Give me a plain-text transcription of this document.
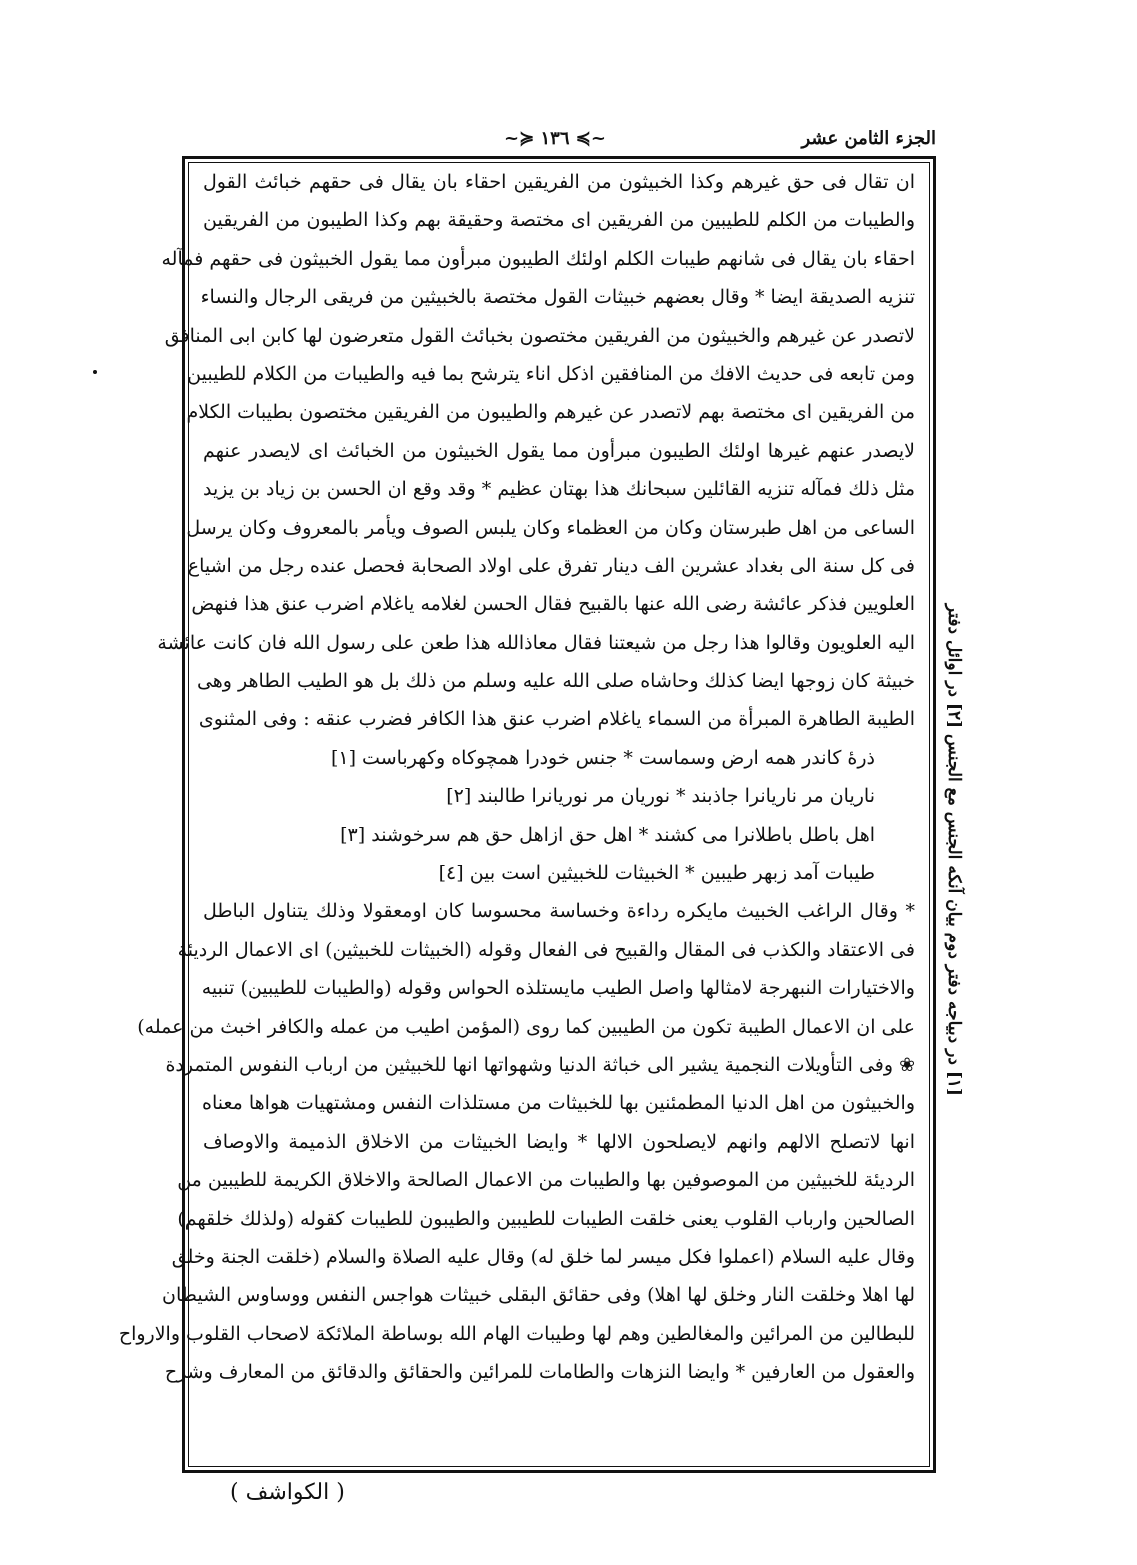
الجزء الثامن عشر
~≽ ١٣٦ ≼~
ان تقال فى حق غيرهم وكذا الخبيثون من الفريقين احقاء بان يقال فى حقهم خبائث القول
والطيبات من الكلم للطيبين من الفريقين اى مختصة وحقيقة بهم وكذا الطيبون من الفريقين
احقاء بان يقال فى شانهم طيبات الكلم اولئك الطيبون مبرأون مما يقول الخبيثون فى حقهم فمآله
تنزيه الصديقة ايضا * وقال بعضهم خبيثات القول مختصة بالخبيثين من فريقى الرجال والنساء
لاتصدر عن غيرهم والخبيثون من الفريقين مختصون بخبائث القول متعرضون لها كابن ابى المنافق
ومن تابعه فى حديث الافك من المنافقين اذكل اناء يترشح بما فيه والطيبات من الكلام للطيبين
من الفريقين اى مختصة بهم لاتصدر عن غيرهم والطيبون من الفريقين مختصون بطيبات الكلام
لايصدر عنهم غيرها اولئك الطيبون مبرأون مما يقول الخبيثون من الخبائث اى لايصدر عنهم
مثل ذلك فمآله تنزيه القائلين سبحانك هذا بهتان عظيم * وقد وقع ان الحسن بن زياد بن يزيد
الساعى من اهل طبرستان وكان من العظماء وكان يلبس الصوف ويأمر بالمعروف وكان يرسل
فى كل سنة الى بغداد عشرين الف دينار تفرق على اولاد الصحابة فحصل عنده رجل من اشياع
العلويين فذكر عائشة رضى الله عنها بالقبيح فقال الحسن لغلامه ياغلام اضرب عنق هذا فنهض
اليه العلويون وقالوا هذا رجل من شيعتنا فقال معاذالله هذا طعن على رسول الله فان كانت عائشة
خبيثة كان زوجها ايضا كذلك وحاشاه صلى الله عليه وسلم من ذلك بل هو الطيب الطاهر وهى
الطيبة الطاهرة المبرأة من السماء ياغلام اضرب عنق هذا الكافر فضرب عنقه : وفى المثنوى
ذرهٔ كاندر همه ارض وسماست * جنس خودرا همچوكاه وكهرباست [١]
ناريان مر ناريانرا جاذبند * نوريان مر نوريانرا طالبند [٢]
اهل باطل باطلانرا مى كشند * اهل حق ازاهل حق هم سرخوشند [٣]
طيبات آمد زبهر طيبين * الخبيثات للخبيثين است بين [٤]
* وقال الراغب الخبيث مايكره رداءة وخساسة محسوسا كان اومعقولا وذلك يتناول الباطل
فى الاعتقاد والكذب فى المقال والقبيح فى الفعال وقوله (الخبيثات للخبيثين) اى الاعمال الرديئة
والاختيارات النبهرجة لامثالها واصل الطيب مايستلذه الحواس وقوله (والطيبات للطيبين) تنبيه
على ان الاعمال الطيبة تكون من الطيبين كما روى (المؤمن اطيب من عمله والكافر اخبث من عمله)
❀ وفى التأويلات النجمية يشير الى خباثة الدنيا وشهواتها انها للخبيثين من ارباب النفوس المتمردة
والخبيثون من اهل الدنيا المطمئنين بها للخبيثات من مستلذات النفس ومشتهيات هواها معناه
انها لاتصلح الالهم وانهم لايصلحون الالها * وايضا الخبيثات من الاخلاق الذميمة والاوصاف
الرديئة للخبيثين من الموصوفين بها والطيبات من الاعمال الصالحة والاخلاق الكريمة للطيبين من
الصالحين وارباب القلوب يعنى خلقت الطيبات للطيبين والطيبون للطيبات كقوله (ولذلك خلقهم)
وقال عليه السلام (اعملوا فكل ميسر لما خلق له) وقال عليه الصلاة والسلام (خلقت الجنة وخلق
لها اهلا وخلقت النار وخلق لها اهلا) وفى حقائق البقلى خبيثات هواجس النفس ووساوس الشيطان
للبطالين من المرائين والمغالطين وهم لها وطيبات الهام الله بوساطة الملائكة لاصحاب القلوب والارواح
والعقول من العارفين * وايضا النزهات والطامات للمرائين والحقائق والدقائق من المعارف وشرح
[١] در دبياجه دفتر دوم بيان آنكه الجنس مع الجنس [٢] در اوائل دفتر
( الكواشف )
